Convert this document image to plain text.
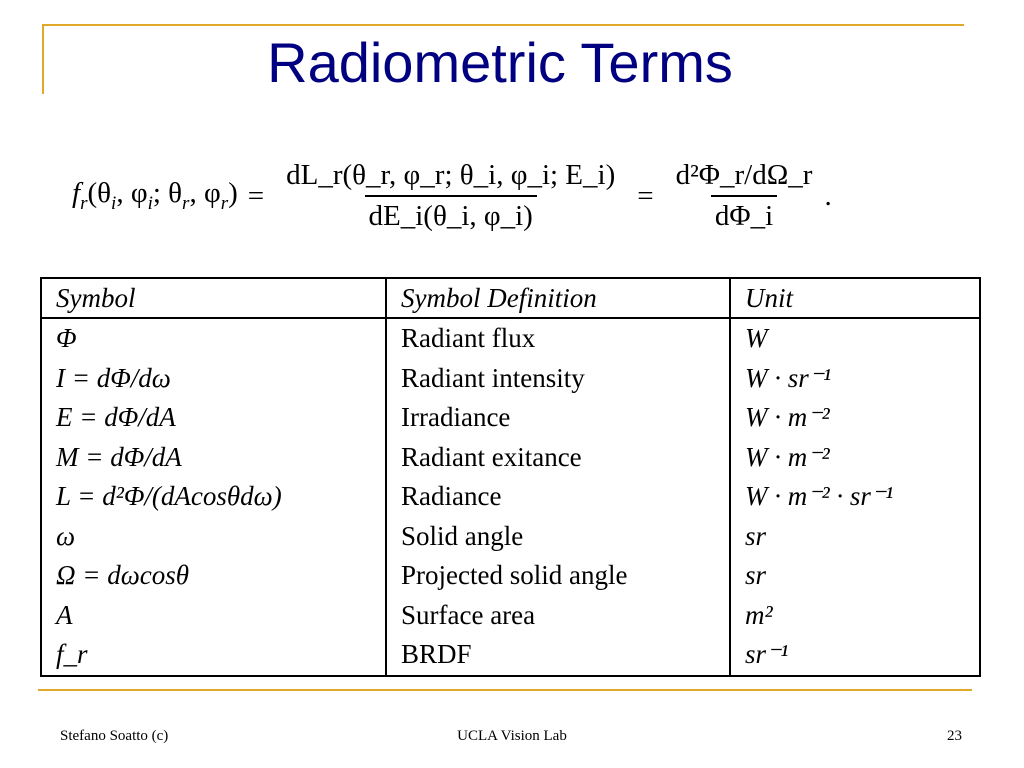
Radiometric Terms
$f_r(\theta_i$, $\varphi_i$; $\theta_r$, $\varphi_r) = \frac{dL\_r(\theta\_r, \varphi\_r; \theta\_i, \varphi\_i; E\_i)}{dE\_i(\theta\_i, \varphi\_i)} = \frac{\text{d²Φ\_r/dΩ\_r}}{d\Phi\_i}$ .
Symbol	Symbol Definition	Unit
Φ	Radiant flux	W
I = dΦ/dω	Radiant intensity	W · sr⁻¹
E = dΦ/dA	Irradiance	W · m⁻²
M = dΦ/dA	Radiant exitance	W · m⁻²
L = d²Φ/(dAcosθdω)	Radiance	W · m⁻² · sr⁻¹
ω	Solid angle	sr
Ω = dωcosθ	Projected solid angle	sr
A	Surface area	m²
f_r	BRDF	sr⁻¹
Stefano Soatto (c)	UCLA Vision Lab	23
